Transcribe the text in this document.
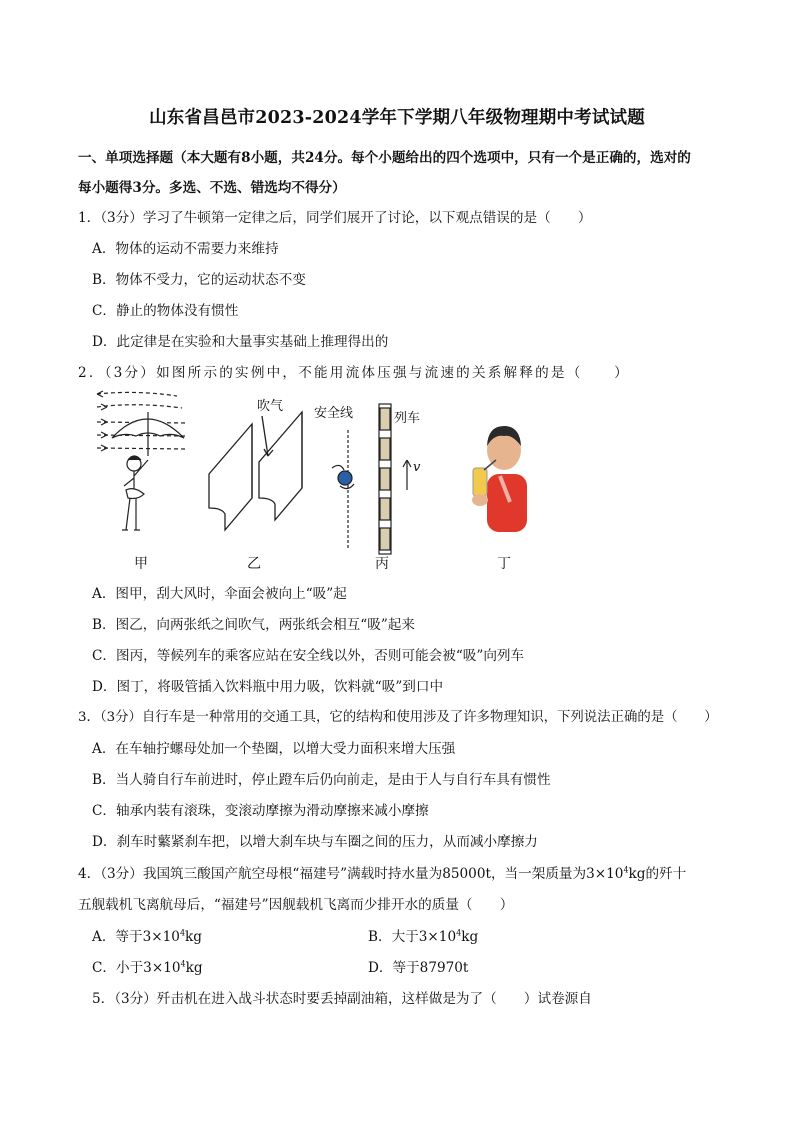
山东省昌邑市2023-2024学年下学期八年级物理期中考试试题
一、单项选择题（本大题有8小题，共24分。每个小题给出的四个选项中，只有一个是正确的，选对的
每小题得3分。多选、不选、错选均不得分）
1．（3分）学习了牛顿第一定律之后，同学们展开了讨论，以下观点错误的是（　　）
A．物体的运动不需要力来维持
B．物体不受力，它的运动状态不变
C．静止的物体没有惯性
D．此定律是在实验和大量事实基础上推理得出的
2．（3分）如图所示的实例中，不能用流体压强与流速的关系解释的是（　　）
吹气 安全线	列车
v
甲	乙	丙	丁
A．图甲，刮大风时，伞面会被向上“吸”起
B．图乙，向两张纸之间吹气，两张纸会相互“吸”起来
C．图丙，等候列车的乘客应站在安全线以外，否则可能会被“吸”向列车
D．图丁，将吸管插入饮料瓶中用力吸，饮料就“吸”到口中
3．（3分）自行车是一种常用的交通工具，它的结构和使用涉及了许多物理知识，下列说法正确的是（　　）
A．在车轴拧螺母处加一个垫圈，以增大受力面积来增大压强
B．当人骑自行车前进时，停止蹬车后仍向前走，是由于人与自行车具有惯性
C．轴承内装有滚珠，变滚动摩擦为滑动摩擦来减小摩擦
D．刹车时蘩紧刹车把，以增大刹车块与车圈之间的压力，从而减小摩擦力
4．（3分）我国筑三酸国产航空母根“福建号”满载时持水量为85000t，当一架质量为$3\times 10^4kg$的歼十
五舰载机飞离航母后，“福建号”因舰载机飞离而少排开水的质量（　　）
A．等于$3\times 10^4kg$	B．大于$3\times 10^4kg$
C．小于$3\times 10^4kg$	D．等于87970t
5．（3分）歼击机在进入战斗状态时要丢掉副油箱，这样做是为了（　　）试卷源自
